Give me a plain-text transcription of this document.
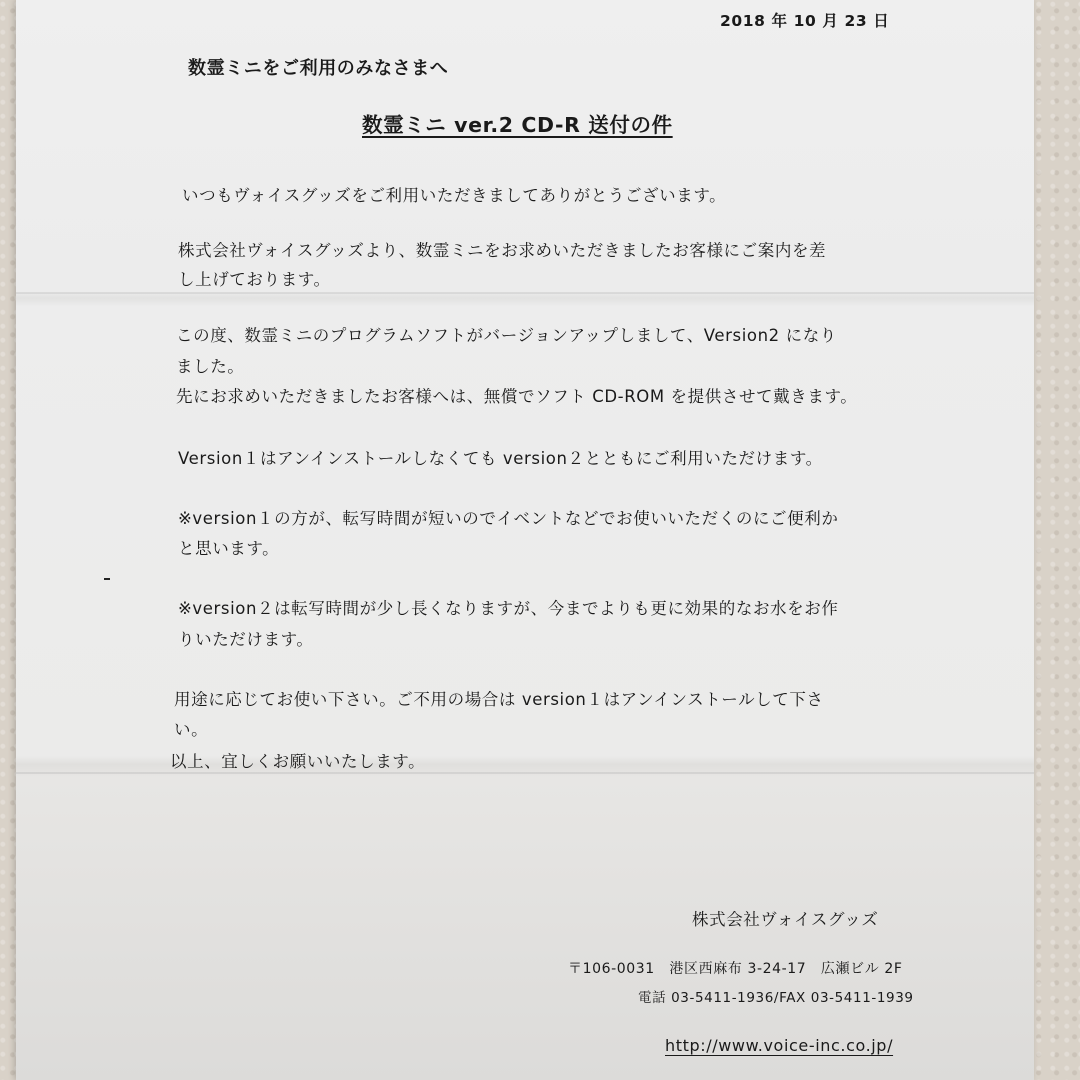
2018 年 10 月 23 日
数霊ミニをご利用のみなさまへ
数霊ミニ ver.2 CD-R 送付の件
いつもヴォイスグッズをご利用いただきましてありがとうございます。
株式会社ヴォイスグッズより、数霊ミニをお求めいただきましたお客様にご案内を差
し上げております。
この度、数霊ミニのプログラムソフトがバージョンアップしまして、Version2 になり
ました。
先にお求めいただきましたお客様へは、無償でソフト CD-ROM を提供させて戴きます。
Version１はアンインストールしなくても version２とともにご利用いただけます。
※version１の方が、転写時間が短いのでイベントなどでお使いいただくのにご便利か
と思います。
※version２は転写時間が少し長くなりますが、今までよりも更に効果的なお水をお作
りいただけます。
用途に応じてお使い下さい。ご不用の場合は version１はアンインストールして下さ
い。
以上、宜しくお願いいたします。
株式会社ヴォイスグッズ
〒106-0031　港区西麻布 3-24-17　広瀬ビル 2F
電話 03-5411-1936/FAX 03-5411-1939
http://www.voice-inc.co.jp/
